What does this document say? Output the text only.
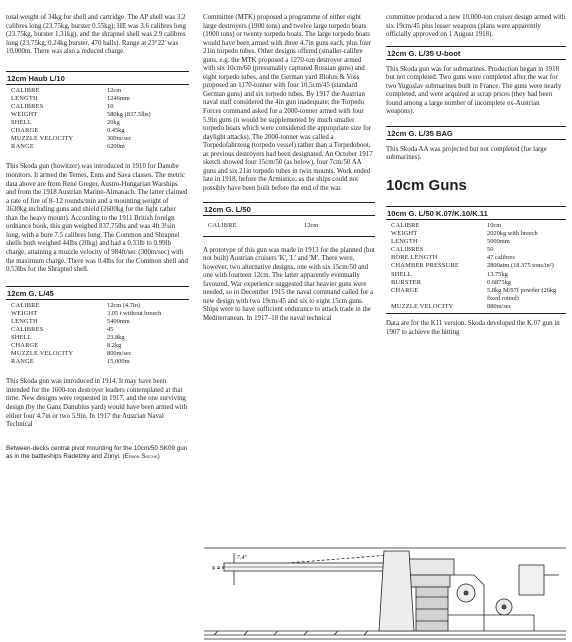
total weight of 34kg for shell and cartridge. The AP shell was 3.2 calibres long (23.75kg, burster 0.55kg); HE was 3.6 calibres long (23.75kg, burster 1.31kg), and the shrapnel shell was 2.9 calibres long (23.75kg, 0.24kg burster, 470 balls). Range at 23°22' was 10,000m. There was also a reduced charge.

12cm Haub L/10
CALIBRE	12cm
LENGTH	1246mm
CALIBRES	10
WEIGHT	580kg (837.5lbs)
SHELL	20kg
CHARGE	0.45kg
MUZZLE VELOCITY	300m/sec
RANGE	6200m

This Skoda gun (howitzer) was introduced in 1910 for Danube monitors. It armed the Temes, Enns and Sava classes. The metric data above are from René Greger, Austro-Hungarian Warships and from the 1918 Austrian Marine-Almanach. The latter claimed a rate of fire of 8–12 rounds/min and a mounting weight of 3630kg including guns and shield (2600kg for the light rather than the heavy mount). According to the 1911 British foreign ordnance book, this gun weighed 837.75lbs and was 4ft 3¼in long, with a bore 7.5 calibres long. The Common and Shrapnel shells both weighed 44lbs (20kg) and had a 0.33lb to 0.99lb charge, attaining a muzzle velocity of 984ft/sec (300m/sec) with the maximum charge. There was 0.4lbs for the Common shell and 0.53lbs for the Shrapnel shell.

12cm G. L/45
CALIBRE	12cm (4.7in)
WEIGHT	3.05 t without breech
LENGTH	5400mm
CALIBRES	45
SHELL	23.8kg
CHARGE	8.2kg
MUZZLE VELOCITY	800m/sec
RANGE	15,000m

This Skoda gun was introduced in 1914. It may have been intended for the 1600-ton destroyer leaders contemplated at that time. New designs were requested in 1917, and the one surviving design (by the Ganz Danubius yard) would have been armed with either four 4.7in or two 5.9in. In 1917 the Austrian Naval Technical

Between-decks central pivot mounting for the 10cm/50 SK09 gun as in the battleships Radetzky and Zrinyi. (Erwin Sieche)

Committee (MTK) proposed a programme of either eight large destroyers (1900 tons) and twelve large torpedo boats (1000 tons) or twenty torpedo boats. The large torpedo boats would have been armed with three 4.7in guns each, plus four 21in torpedo tubes. Other designs offered (smaller-calibre guns, e.g. the MTK proposed a 1270-ton destroyer armed with six 10cm/60 (presumably captured Russian guns) and eight torpedo tubes, and the German yard Blohm & Voss proposed an 1170-tonner with four 10.5cm/45 (standard German guns) and six torpedo tubes. By 1917 the Austrian naval staff considered the 4in gun inadequate; the Torpedo Forces command asked for a 2000-tonner armed with four 5.9in guns (it would be supplemented by much smaller torpedo boats which were considered the appropriate size for daylight attacks). The 2000-tonner was called a Torpedofahrzeug (torpedo vessel) rather than a Torpedoboot, as previous destroyers had been designated. An October 1917 sketch showed four 15cm/50 (as below), four 7cm/50 AA guns and six 21in torpedo tubes in twin mounts. Work ended late in 1918, before the Armistice, as the ships could not possibly have been built before the end of the war.

12cm G. L/50
CALIBRE	12cm

A prototype of this gun was made in 1913 for the planned (but not built) Austrian cruisers 'K', 'L' and 'M'. There were, however, two alternative designs, one with six 15cm/50 and one with fourteen 12cm. The latter apparently eventually favoured. War experience suggested that heavier guns were needed, so in December 1915 the naval command called for a new design with two 19cm/45 and six to eight 15cm guns. Ships were to have sufficient endurance to attack trade in the Mediterranean. In 1917–18 the naval technical

committee produced a new 10,000-ton cruiser design armed with six 19cm/45 plus lesser weapons (plans were apparently officially approved on 1 August 1918).

12cm G. L/35 U-boot

This Skoda gun was for submarines. Production began in 1918 but not completed. Two guns were completed after the war for two Yugoslav submarines built in France. The guns were nearly completed, and were acquired at scrap prices (they had been found among a large number of incomplete ex-Austrian weapons).

12cm G. L/35 BAG

This Skoda AA was projected but not completed (for large submarines).

10cm Guns
10cm G. L/50 K.07/K.10/K.11
CALIBRE	10cm
WEIGHT	2020kg with breech
LENGTH	5000mm
CALIBRES	50
BORE LENGTH	47 calibres
CHAMBER PRESSURE	2800atm (18.375 tons/in²)
SHELL	13.75kg
BURSTER	0.6875kg
CHARGE	5.8kg M/97f powder (26kg fixed round)
MUZZLE VELOCITY	880m/sec

Data are for the K11 version. Skoda developed the K.07 gun in 1907 to achieve the hitting

7.4°
